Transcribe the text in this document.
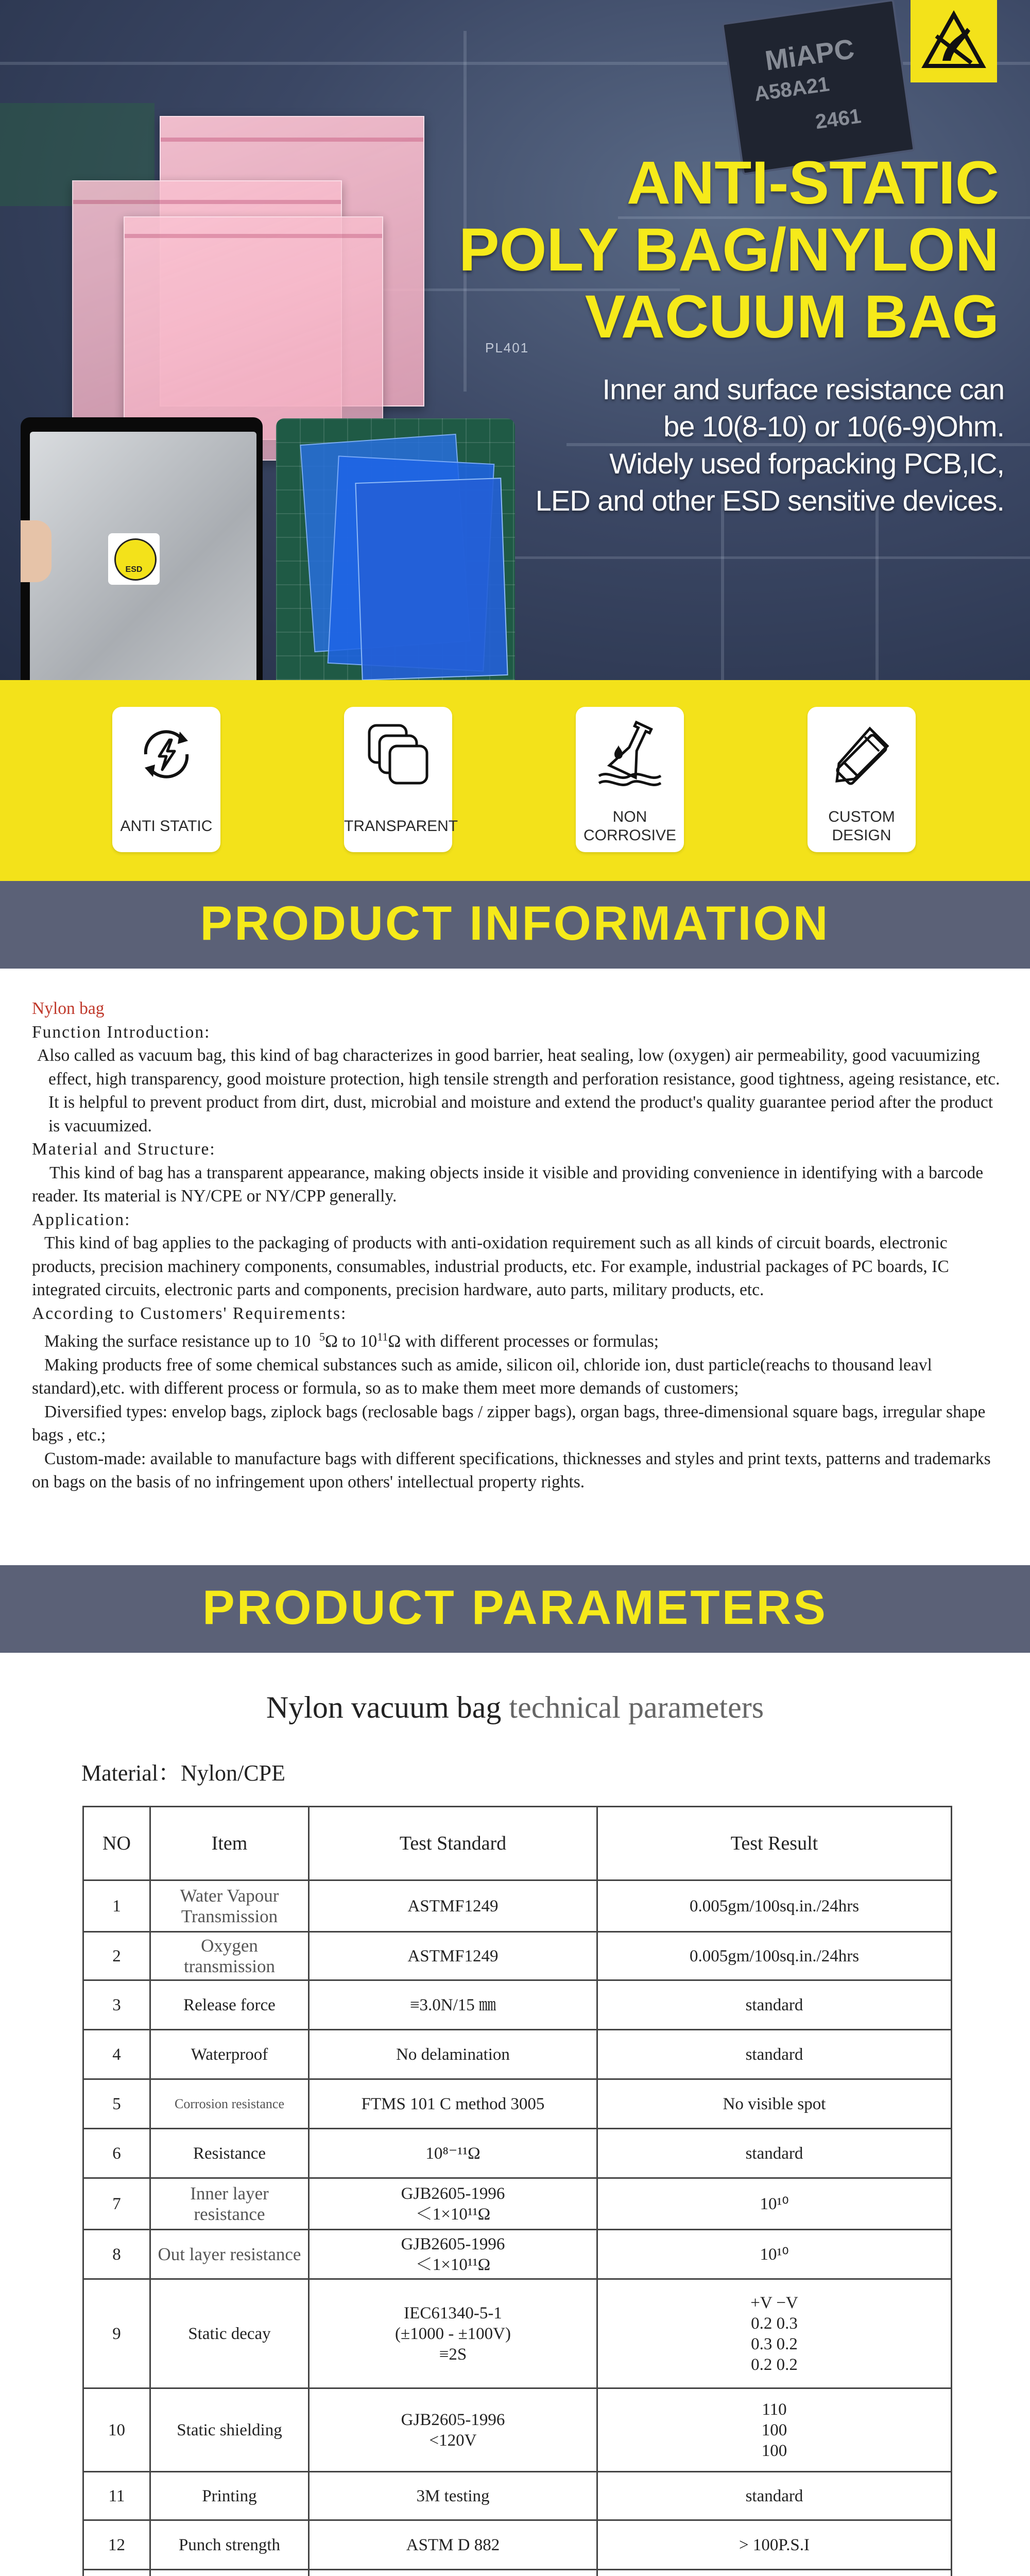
MiAPC
A58A21
2461
PL401
ESD
ANTI-STATIC
POLY BAG/NYLON
VACUUM BAG
Inner and surface resistance can
be 10(8-10) or 10(6-9)Ohm.
Widely used forpacking PCB,IC,
LED and other ESD sensitive devices.
ANTI STATIC	TRANSPARENT
NON
CORROSIVE
CUSTOM
DESIGN
PRODUCT INFORMATION

Nylon bag

Function Introduction:

Also called as vacuum bag, this kind of bag characterizes in good barrier, heat sealing, low (oxygen) air permeability, good vacuumizing effect, high transparency, good moisture protection, high tensile strength and perforation resistance, good tightness, ageing resistance, etc. It is helpful to prevent product from dirt, dust, microbial and moisture and extend the product's quality guarantee period after the product is vacuumized.

Material and Structure:

This kind of bag has a transparent appearance, making objects inside it visible and providing convenience in identifying with a barcode reader. Its material is NY/CPE or NY/CPP generally.

Application:

This kind of bag applies to the packaging of products with anti-oxidation requirement such as all kinds of circuit boards, electronic products, precision machinery components, consumables, industrial products, etc. For example, industrial packages of PC boards, IC integrated circuits, electronic parts and components, precision hardware, auto parts, military products, etc.

According to Customers' Requirements:

Making the surface resistance up to 10 $^5$Ω to $10^{11}\Omega$ with different processes or formulas;

Making products free of some chemical substances such as amide, silicon oil, chloride ion, dust particle(reachs to thousand leavl standard),etc. with different process or formula, so as to make them meet more demands of customers;

Diversified types: envelop bags, ziplock bags (reclosable bags / zipper bags), organ bags, three-dimensional square bags, irregular shape bags , etc.;

Custom-made: available to manufacture bags with different specifications, thicknesses and styles and print texts, patterns and trademarks on bags on the basis of no infringement upon others' intellectual property rights.

PRODUCT PARAMETERS
Nylon vacuum bag technical parameters
Material：Nylon/CPE
NO	Item	Test Standard	Test Result
1	Water Vapour Transmission	ASTMF1249	0.005gm/100sq.in./24hrs
2	Oxygen transmission	ASTMF1249	0.005gm/100sq.in./24hrs
3	Release force	≡3.0N/15 ㎜	standard
4	Waterproof	No delamination	standard
5	Corrosion resistance	FTMS 101 C method 3005	No visible spot
6	Resistance	10⁸⁻¹¹Ω	standard
7	Inner layer resistance	GJB2605-1996
＜1×10¹¹Ω	10¹⁰
8	Out layer resistance	GJB2605-1996
＜1×10¹¹Ω	10¹⁰
9	Static decay	IEC61340-5-1
(±1000 - ±100V)
≡2S	+V −V
0.2 0.3
0.3 0.2
0.2 0.2
10	Static shielding	GJB2605-1996
<120V	110
100
100
11	Printing	3M testing	standard
12	Punch strength	ASTM D 882	> 100P.S.I
